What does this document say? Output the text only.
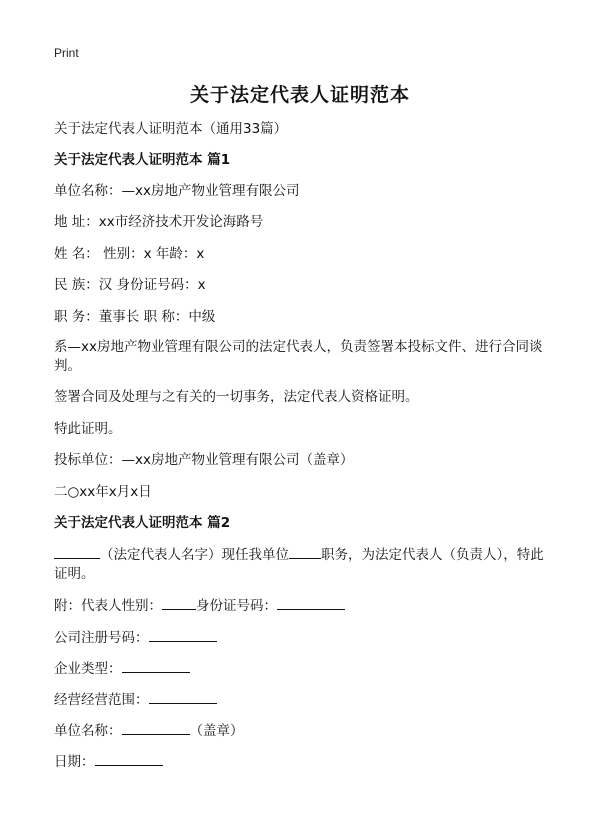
Print
关于法定代表人证明范本
关于法定代表人证明范本（通用33篇）
关于法定代表人证明范本 篇1
单位名称：—xx房地产物业管理有限公司
地 址：xx市经济技术开发论海路号
姓 名： 性别：x 年龄：x
民 族：汉 身份证号码：x
职 务：董事长 职 称：中级
系—xx房地产物业管理有限公司的法定代表人，负责签署本投标文件、进行合同谈判。
签署合同及处理与之有关的一切事务，法定代表人资格证明。
特此证明。
投标单位：—xx房地产物业管理有限公司（盖章）
二○xx年x月x日
关于法定代表人证明范本 篇2
（法定代表人名字）现任我单位 职务，为法定代表人（负责人），特此证明。
附：代表人性别：	身份证号码：
公司注册号码：
企业类型：
经营经营范围：
单位名称：	（盖章）
日期：
